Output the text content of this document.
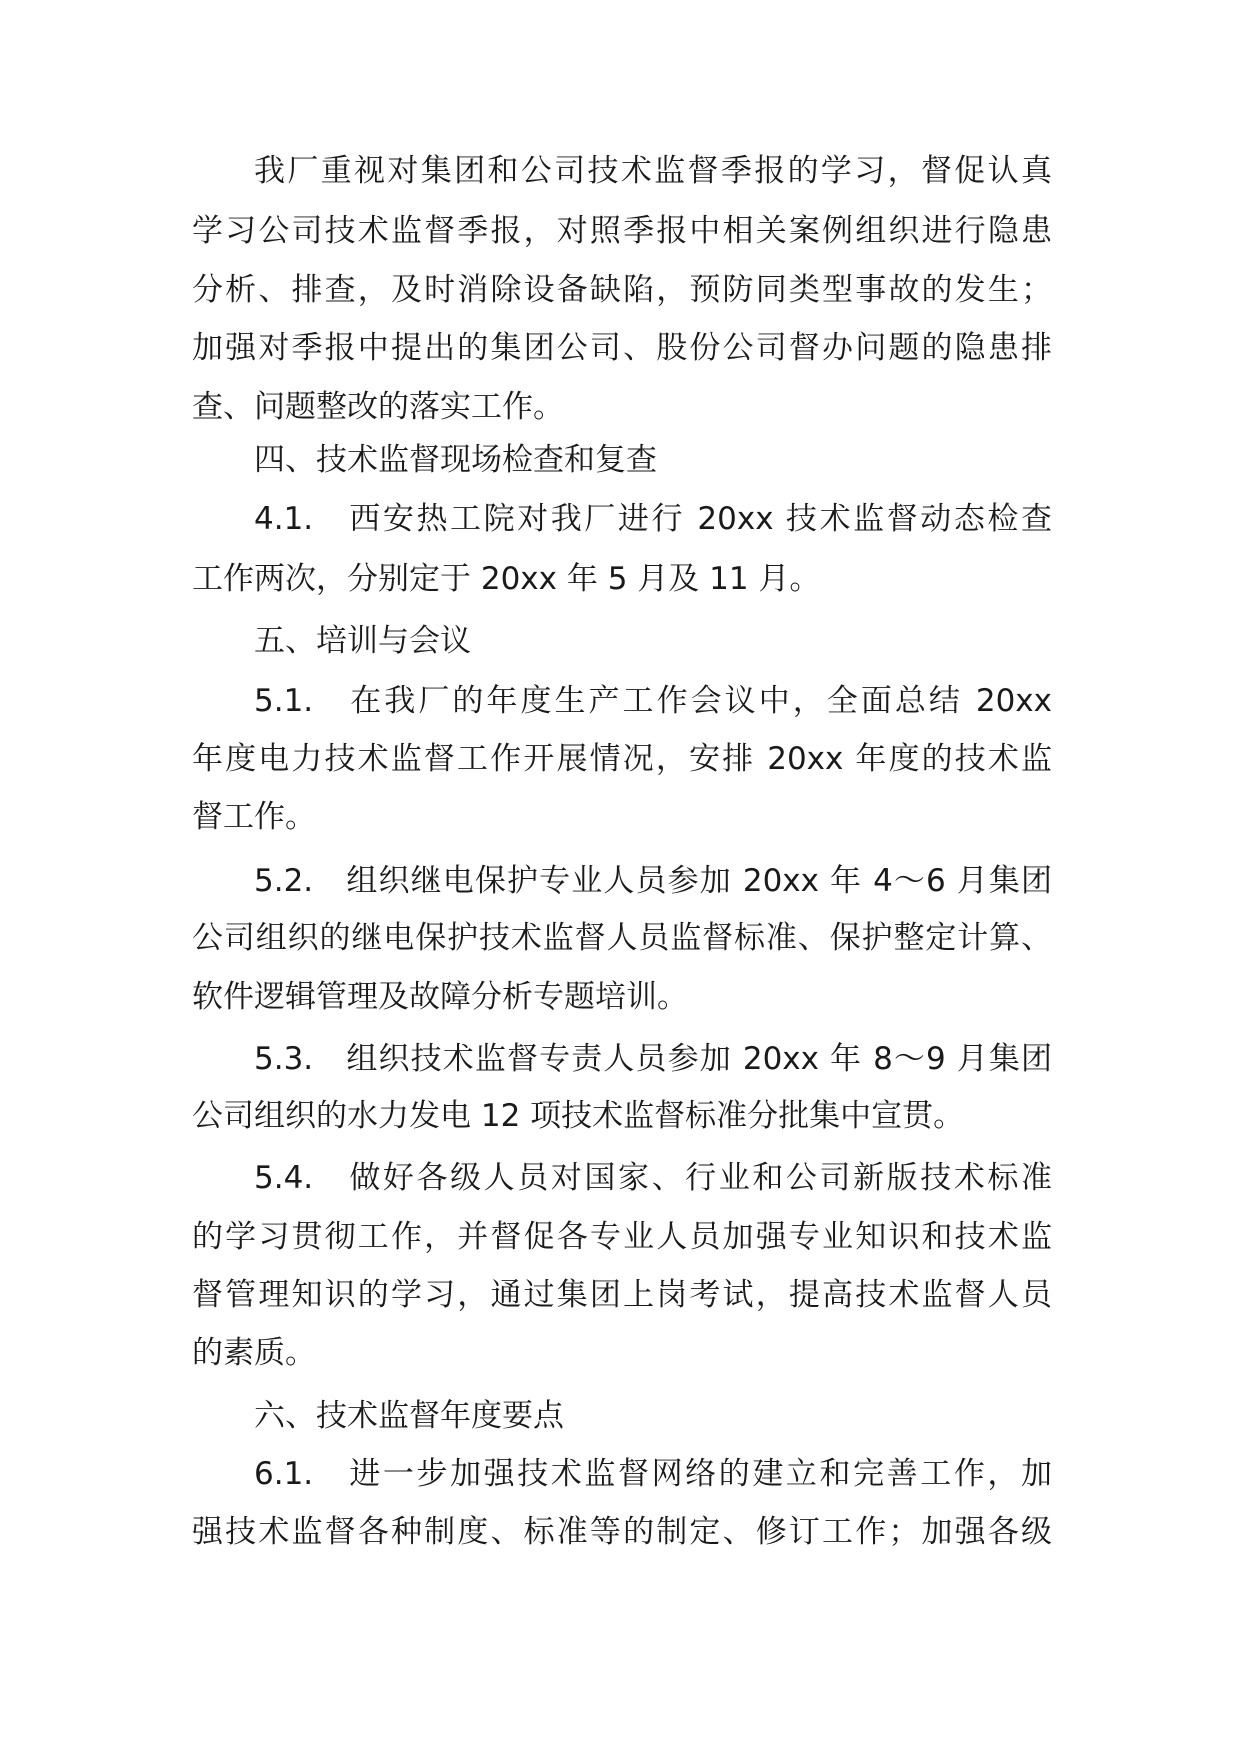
我厂重视对集团和公司技术监督季报的学习，督促认真
学习公司技术监督季报，对照季报中相关案例组织进行隐患
分析、排查，及时消除设备缺陷，预防同类型事故的发生；
加强对季报中提出的集团公司、股份公司督办问题的隐患排
查、问题整改的落实工作。
四、技术监督现场检查和复查
4.1.　西安热工院对我厂进行 20xx 技术监督动态检查
工作两次，分别定于 20xx 年 5 月及 11 月。
五、培训与会议
5.1.　在我厂的年度生产工作会议中，全面总结 20xx
年度电力技术监督工作开展情况，安排 20xx 年度的技术监
督工作。
5.2.　组织继电保护专业人员参加 20xx 年 4～6 月集团
公司组织的继电保护技术监督人员监督标准、保护整定计算、
软件逻辑管理及故障分析专题培训。
5.3.　组织技术监督专责人员参加 20xx 年 8～9 月集团
公司组织的水力发电 12 项技术监督标准分批集中宣贯。
5.4.　做好各级人员对国家、行业和公司新版技术标准
的学习贯彻工作，并督促各专业人员加强专业知识和技术监
督管理知识的学习，通过集团上岗考试，提高技术监督人员
的素质。
六、技术监督年度要点
6.1.　进一步加强技术监督网络的建立和完善工作，加
强技术监督各种制度、标准等的制定、修订工作；加强各级
